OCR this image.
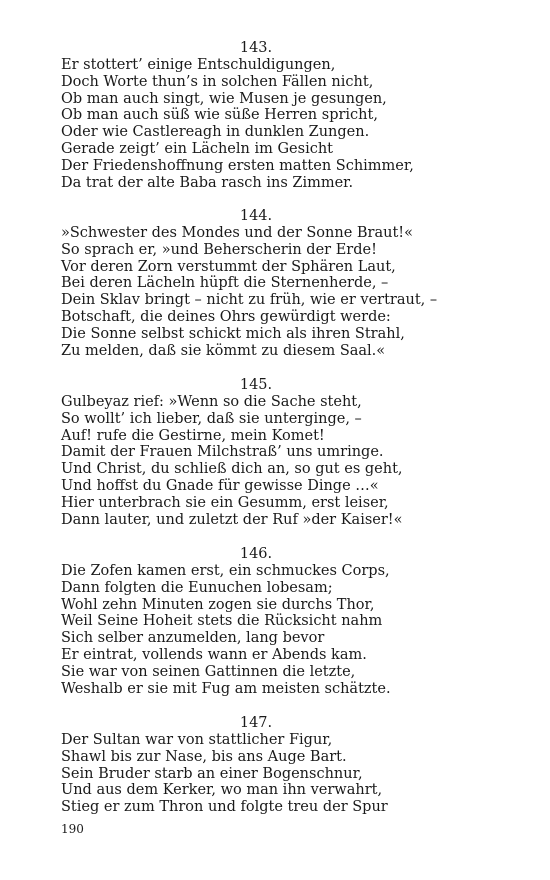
143.
Er stottert’ einige Entschuldigungen,
Doch Worte thun’s in solchen Fällen nicht,
Ob man auch singt, wie Musen je gesungen,
Ob man auch süß wie süße Herren spricht,
Oder wie Castlereagh in dunklen Zungen.
Gerade zeigt’ ein Lächeln im Gesicht
Der Friedenshoffnung ersten matten Schimmer,
Da trat der alte Baba rasch ins Zimmer.
144.
»Schwester des Mondes und der Sonne Braut!«
So sprach er, »und Beherscherin der Erde!
Vor deren Zorn verstummt der Sphären Laut,
Bei deren Lächeln hüpft die Sternenherde, –
Dein Sklav bringt – nicht zu früh, wie er vertraut, –
Botschaft, die deines Ohrs gewürdigt werde:
Die Sonne selbst schickt mich als ihren Strahl,
Zu melden, daß sie kömmt zu diesem Saal.«
145.
Gulbeyaz rief: »Wenn so die Sache steht,
So wollt’ ich lieber, daß sie unterginge, –
Auf! rufe die Gestirne, mein Komet!
Damit der Frauen Milchstraß’ uns umringe.
Und Christ, du schließ dich an, so gut es geht,
Und hoffst du Gnade für gewisse Dinge …«
Hier unterbrach sie ein Gesumm, erst leiser,
Dann lauter, und zuletzt der Ruf »der Kaiser!«
146.
Die Zofen kamen erst, ein schmuckes Corps,
Dann folgten die Eunuchen lobesam;
Wohl zehn Minuten zogen sie durchs Thor,
Weil Seine Hoheit stets die Rücksicht nahm
Sich selber anzumelden, lang bevor
Er eintrat, vollends wann er Abends kam.
Sie war von seinen Gattinnen die letzte,
Weshalb er sie mit Fug am meisten schätzte.
147.
Der Sultan war von stattlicher Figur,
Shawl bis zur Nase, bis ans Auge Bart.
Sein Bruder starb an einer Bogenschnur,
Und aus dem Kerker, wo man ihn verwahrt,
Stieg er zum Thron und folgte treu der Spur
190
